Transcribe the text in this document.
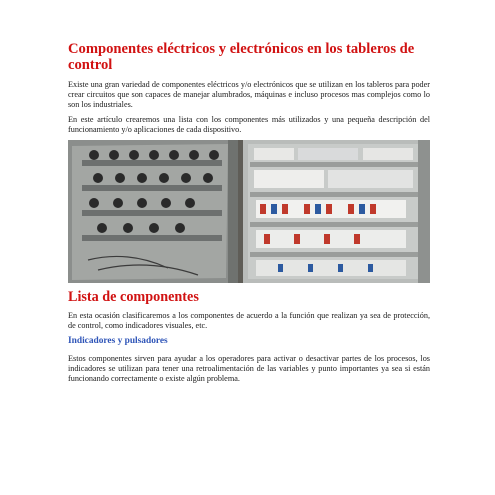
Componentes eléctricos y electrónicos en los tableros de control

Existe una gran variedad de componentes eléctricos y/o electrónicos que se utilizan en los tableros para poder crear circuitos que son capaces de manejar alumbrados, máquinas e incluso procesos mas complejos como lo son los industriales.

En este artículo crearemos una lista con los componentes más utilizados y una pequeña descripción del funcionamiento y/o aplicaciones de cada dispositivo.

Lista de componentes

En esta ocasión clasificaremos a los componentes de acuerdo a la función que realizan ya sea de protección, de control, como indicadores visuales, etc.

Indicadores y pulsadores

Estos componentes sirven para ayudar a los operadores para activar o desactivar partes de los procesos, los indicadores se utilizan para tener una retroalimentación de las variables y punto importantes ya sea si están funcionando correctamente o existe algún problema.
